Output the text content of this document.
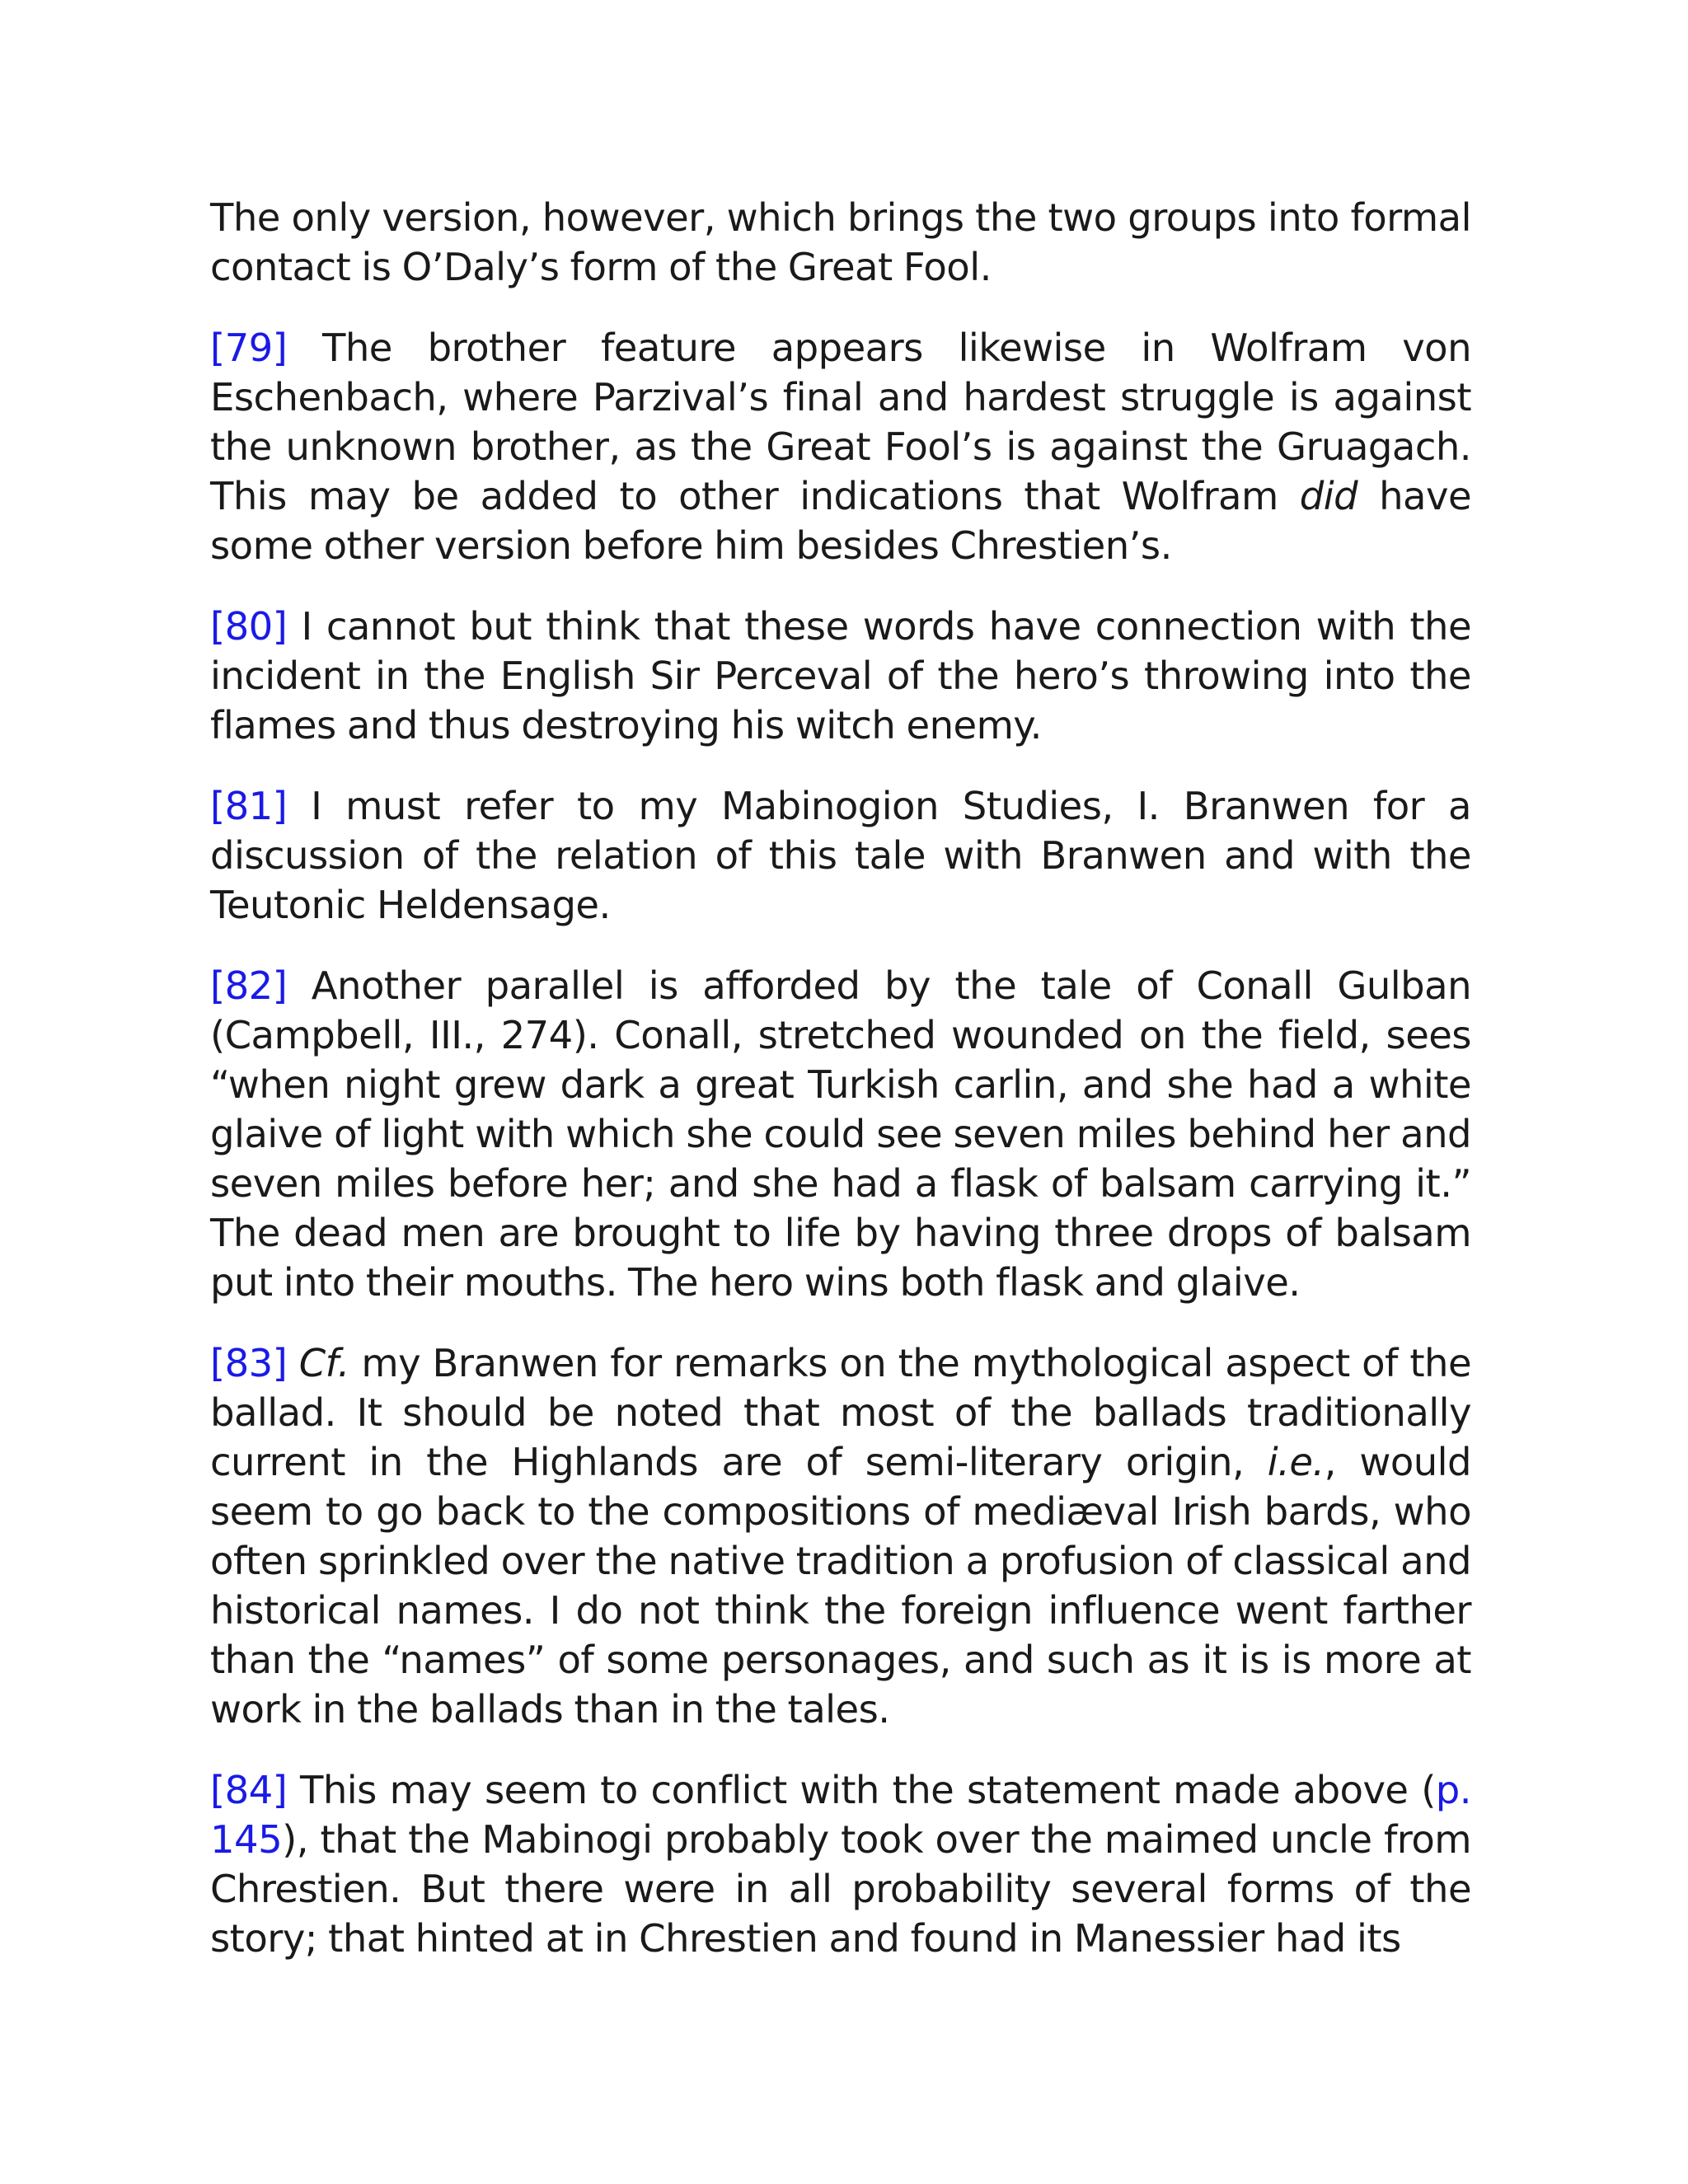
The only version, however, which brings the two groups into formal contact is O’Daly’s form of the Great Fool.

[79] The brother feature appears likewise in Wolfram von Eschenbach, where Parzival’s final and hardest struggle is against the unknown brother, as the Great Fool’s is against the Gruagach. This may be added to other indications that Wolfram did have some other version before him besides Chrestien’s.

[80] I cannot but think that these words have connection with the incident in the English Sir Perceval of the hero’s throwing into the flames and thus destroying his witch enemy.

[81] I must refer to my Mabinogion Studies, I. Branwen for a discussion of the relation of this tale with Branwen and with the Teutonic Heldensage.

[82] Another parallel is afforded by the tale of Conall Gulban (Campbell, III., 274). Conall, stretched wounded on the field, sees “when night grew dark a great Turkish carlin, and she had a white glaive of light with which she could see seven miles behind her and seven miles before her; and she had a flask of balsam carrying it.” The dead men are brought to life by having three drops of balsam put into their mouths. The hero wins both flask and glaive.

[83] Cf. my Branwen for remarks on the mythological aspect of the ballad. It should be noted that most of the ballads traditionally current in the Highlands are of semi-literary origin, i.e., would seem to go back to the compositions of mediæval Irish bards, who often sprinkled over the native tradition a profusion of classical and historical names. I do not think the foreign influence went farther than the “names” of some personages, and such as it is is more at work in the ballads than in the tales.

[84] This may seem to conflict with the statement made above (p. 145), that the Mabinogi probably took over the maimed uncle from Chrestien. But there were in all probability several forms of the story; that hinted at in Chrestien and found in Manessier had its
